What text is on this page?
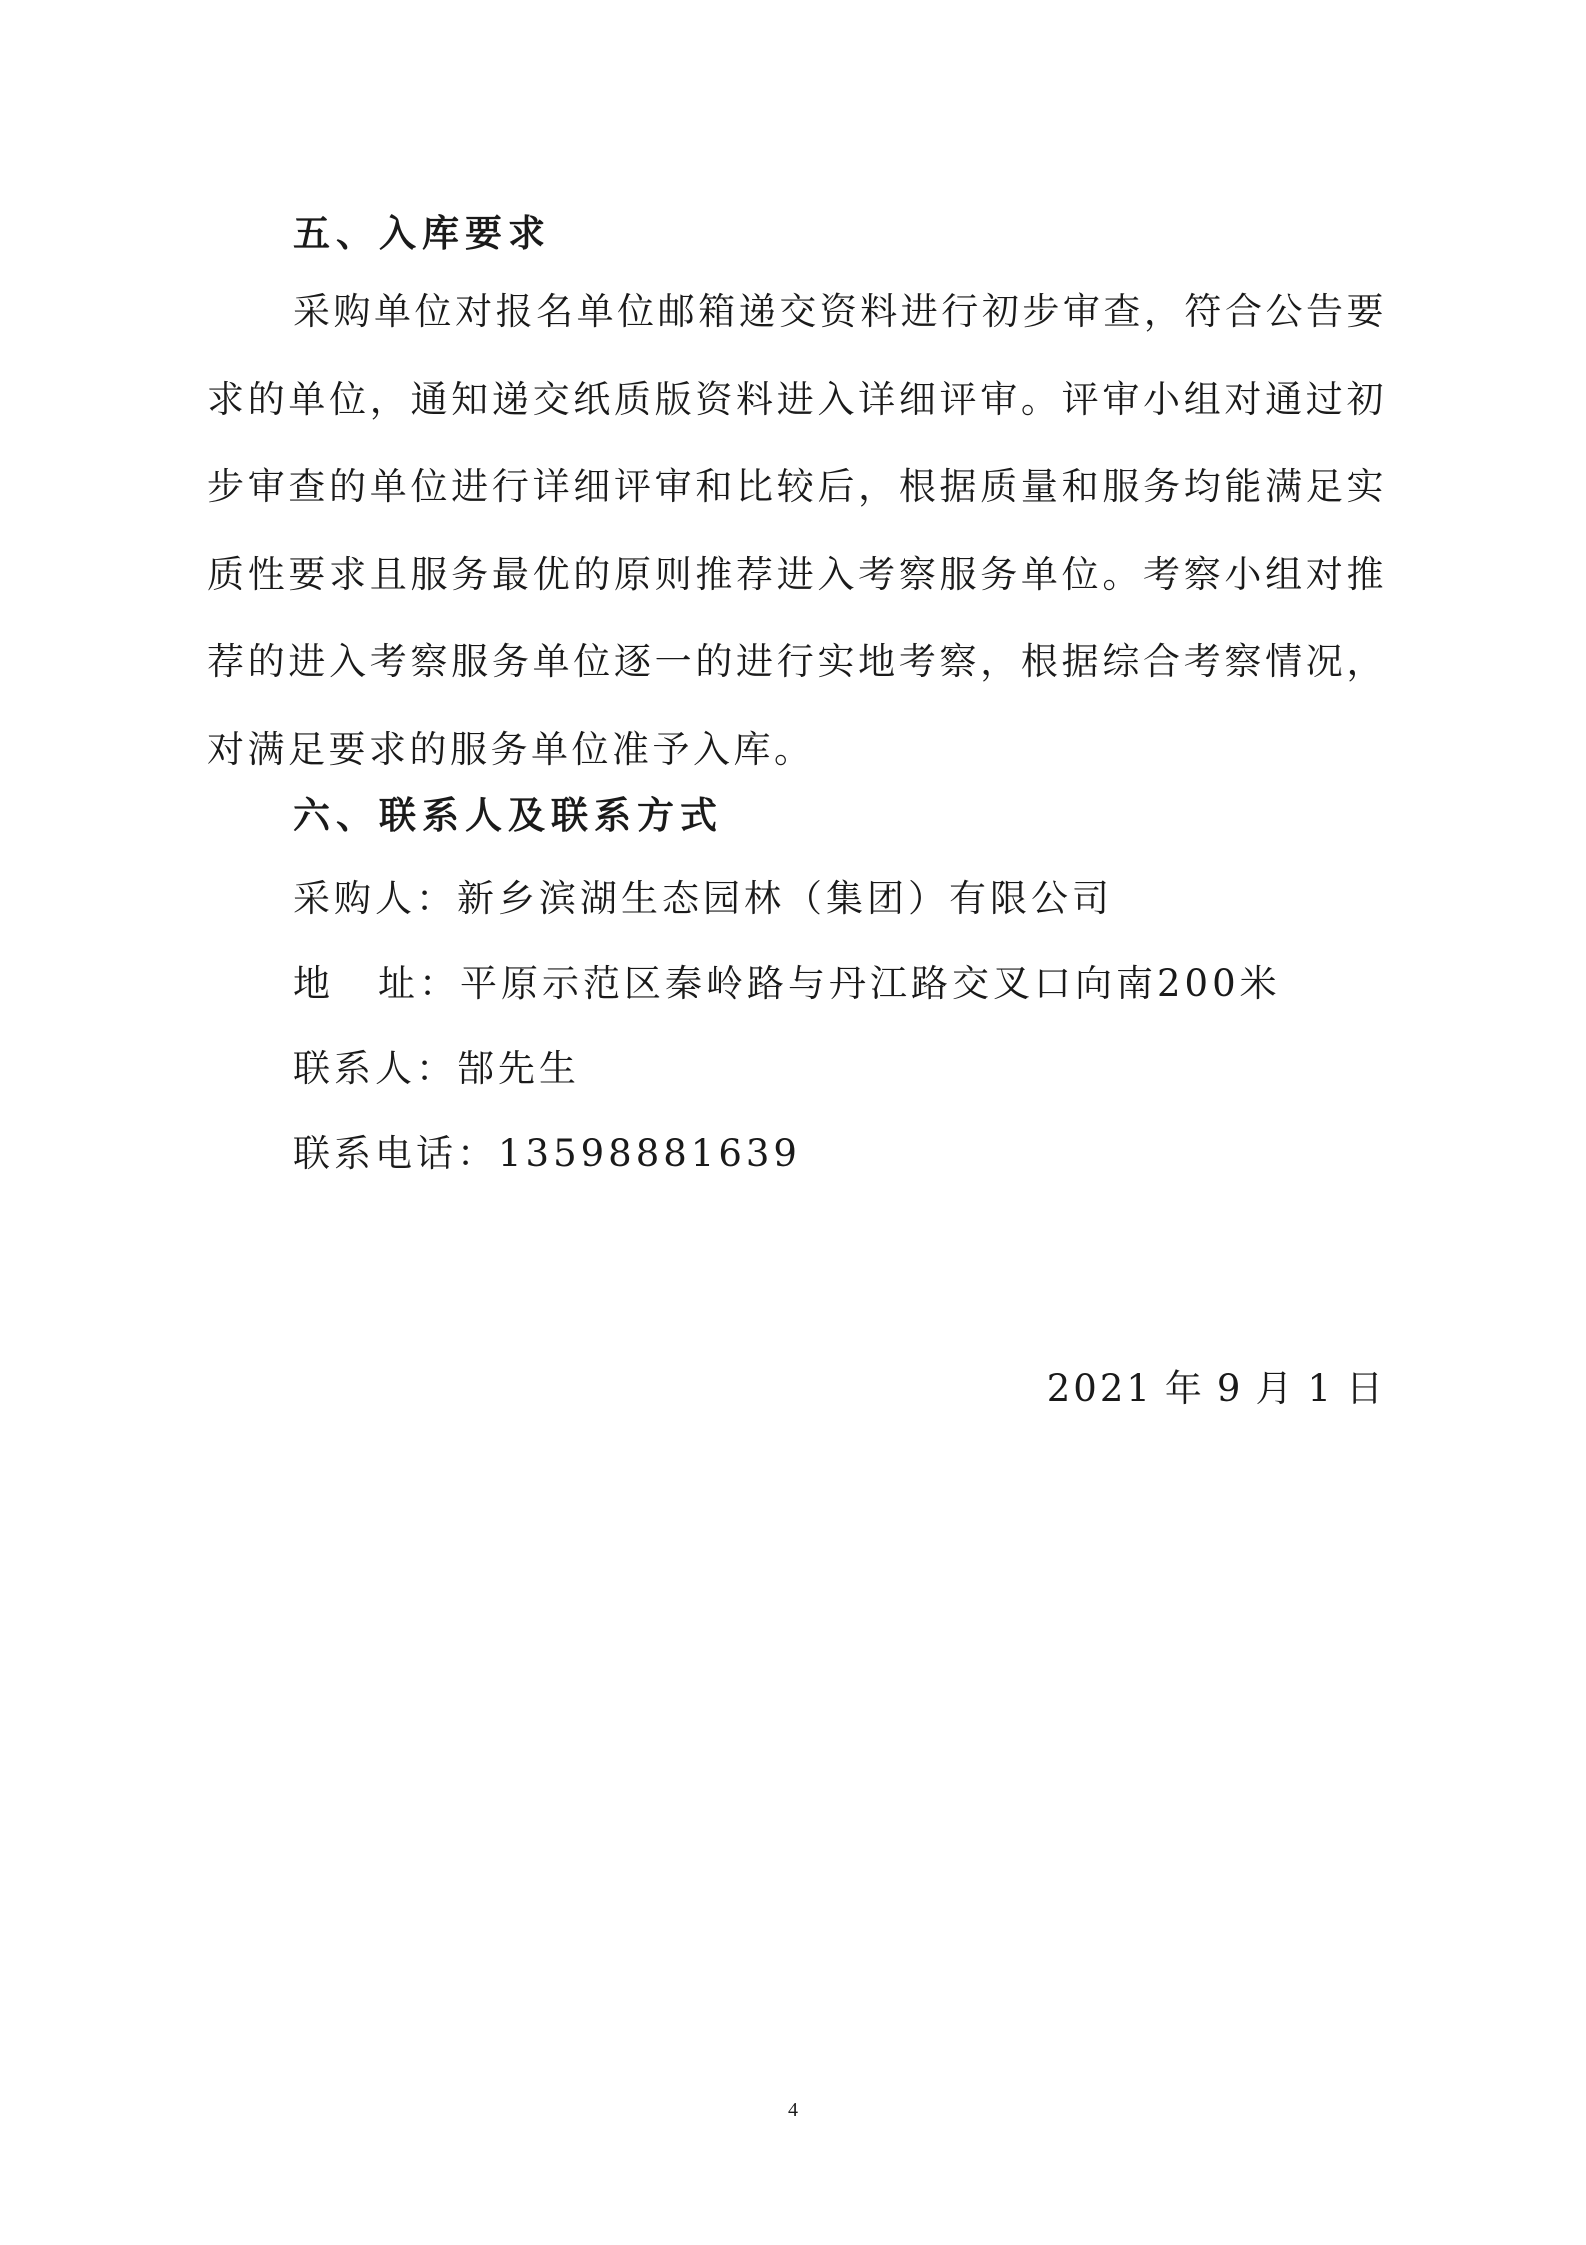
五、入库要求

采购单位对报名单位邮箱递交资料进行初步审查，符合公告要求的单位，通知递交纸质版资料进入详细评审。评审小组对通过初步审查的单位进行详细评审和比较后，根据质量和服务均能满足实质性要求且服务最优的原则推荐进入考察服务单位。考察小组对推荐的进入考察服务单位逐一的进行实地考察，根据综合考察情况，对满足要求的服务单位准予入库。

六、联系人及联系方式
采购人：新乡滨湖生态园林（集团）有限公司
地 址：平原示范区秦岭路与丹江路交叉口向南200米
联系人：郜先生
联系电话：13598881639
2021 年 9 月 1 日
4
